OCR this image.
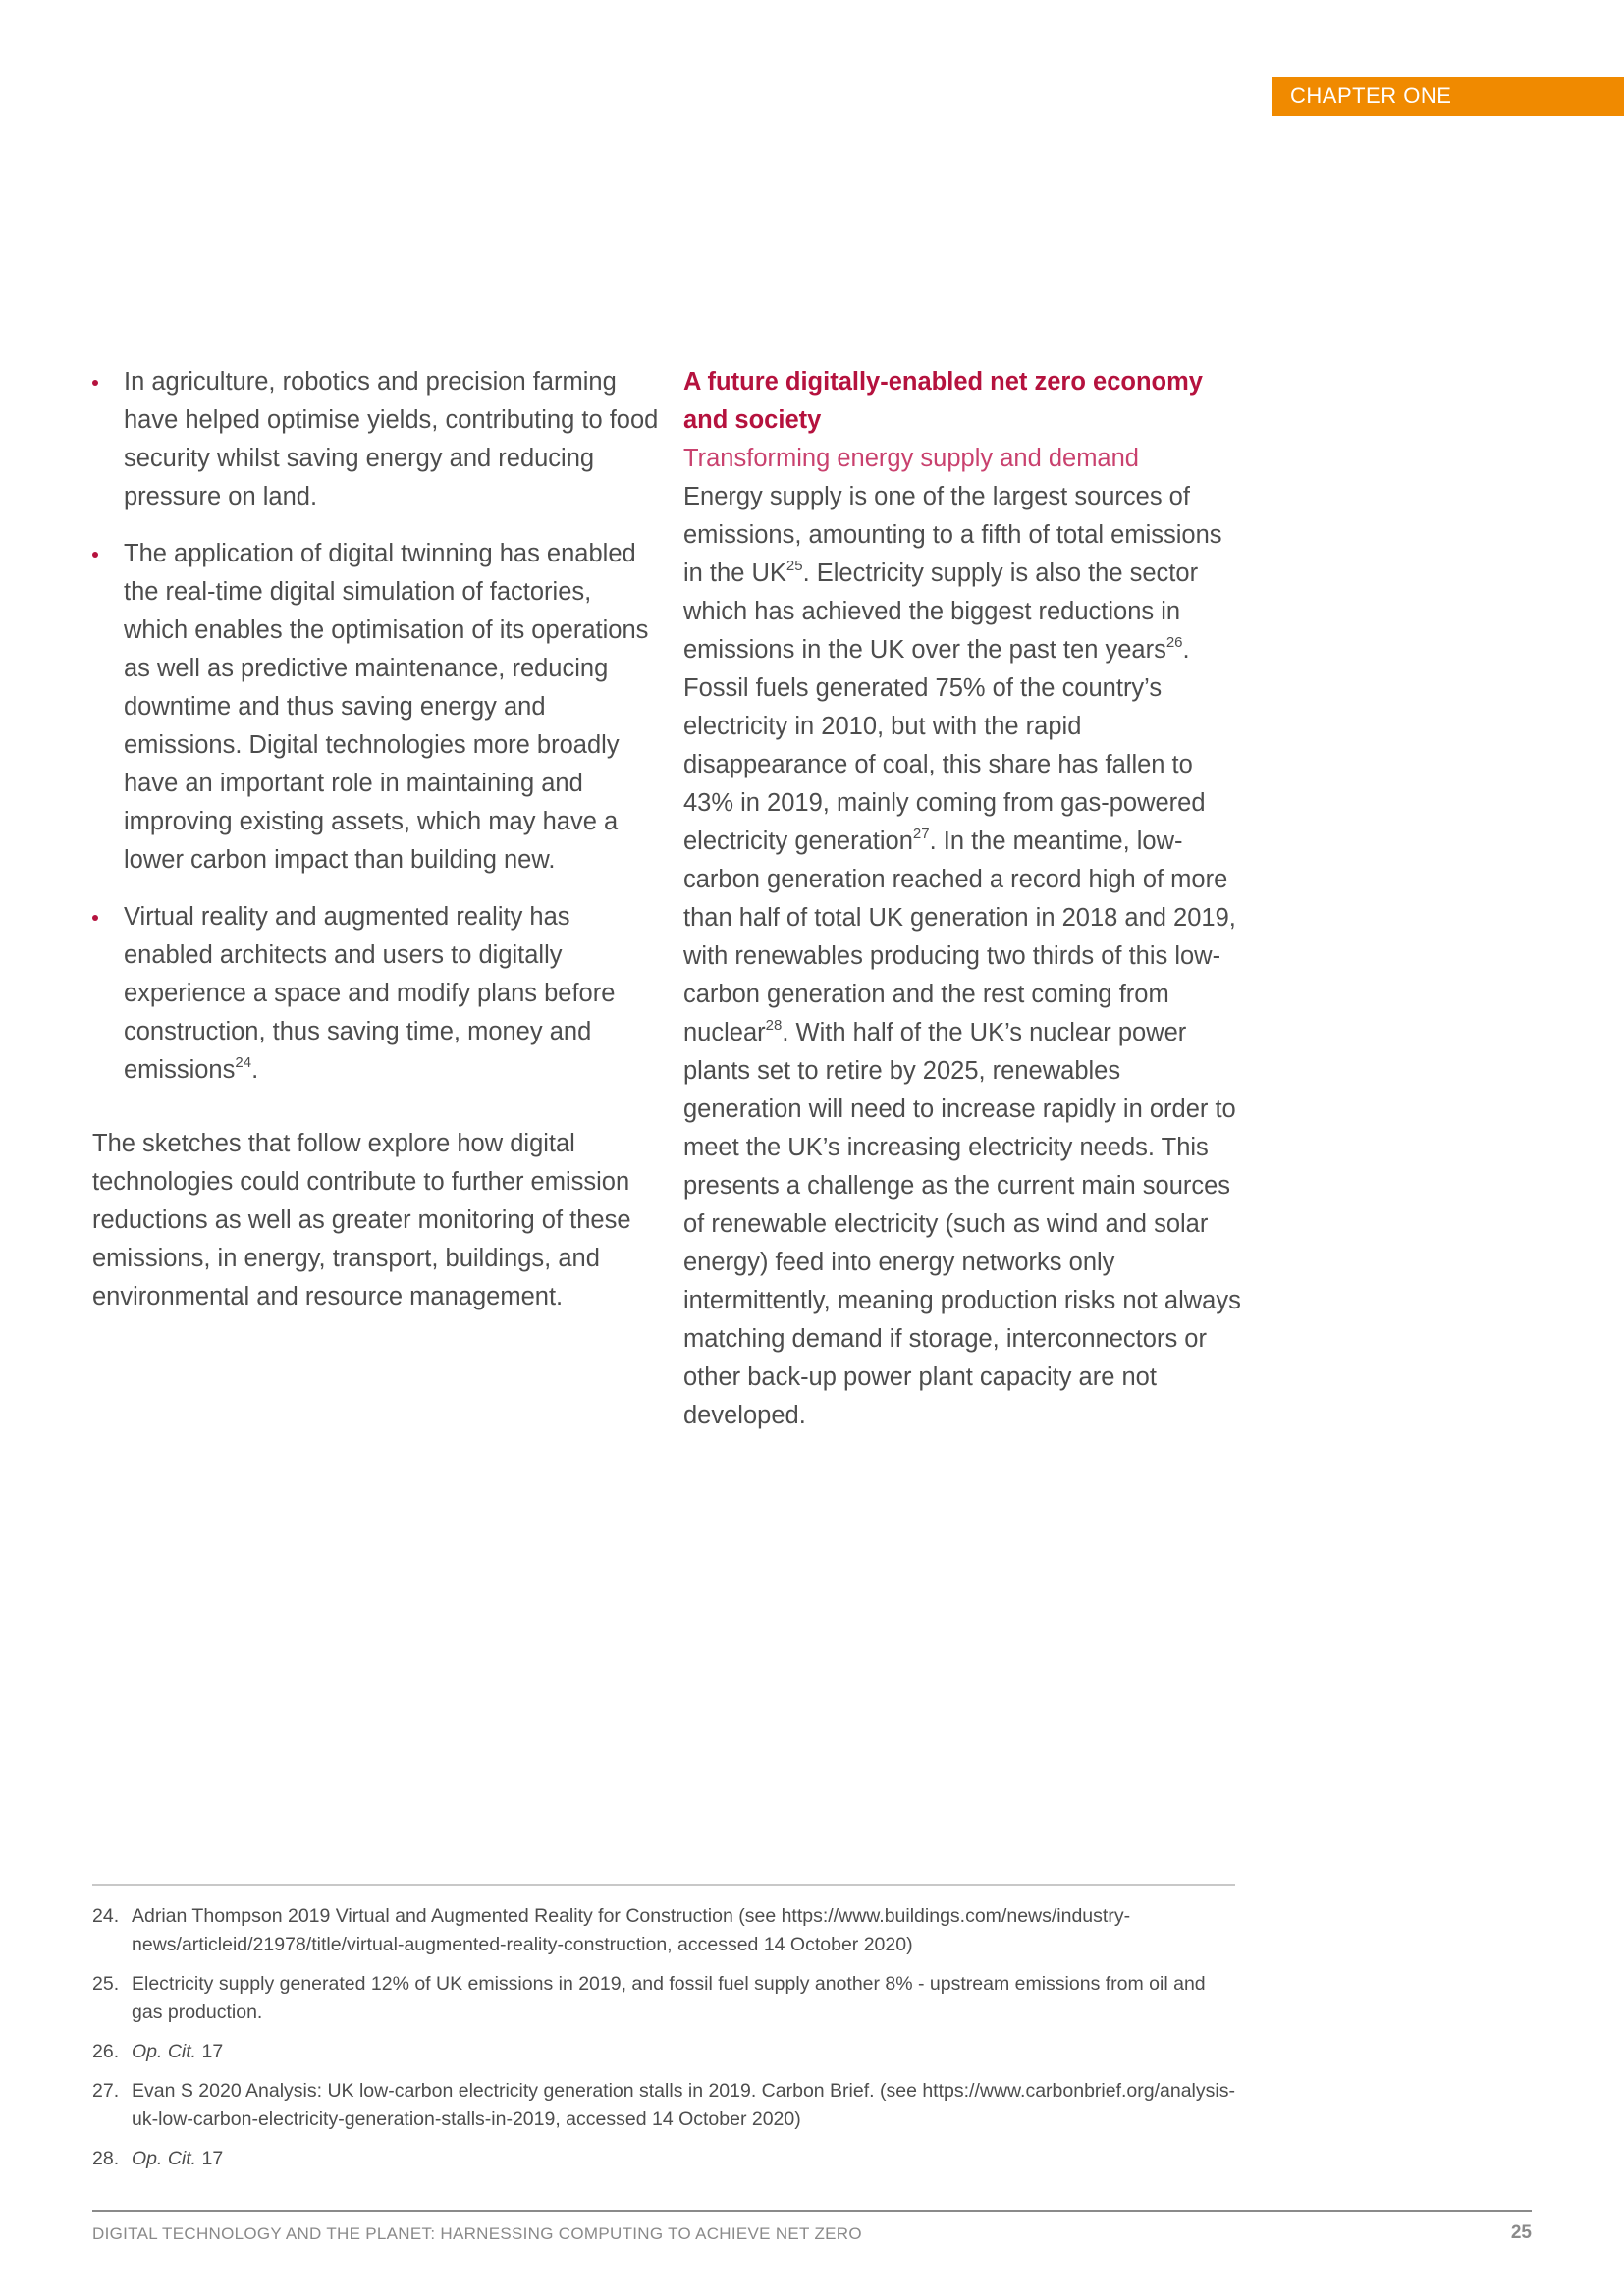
CHAPTER ONE
In agriculture, robotics and precision farming have helped optimise yields, contributing to food security whilst saving energy and reducing pressure on land.
The application of digital twinning has enabled the real-time digital simulation of factories, which enables the optimisation of its operations as well as predictive maintenance, reducing downtime and thus saving energy and emissions. Digital technologies more broadly have an important role in maintaining and improving existing assets, which may have a lower carbon impact than building new.
Virtual reality and augmented reality has enabled architects and users to digitally experience a space and modify plans before construction, thus saving time, money and emissions$^{24}$.

The sketches that follow explore how digital technologies could contribute to further emission reductions as well as greater monitoring of these emissions, in energy, transport, buildings, and environmental and resource management.

A future digitally-enabled net zero economy and society
Transforming energy supply and demand

Energy supply is one of the largest sources of emissions, amounting to a fifth of total emissions in the UK$^{25}$. Electricity supply is also the sector which has achieved the biggest reductions in emissions in the UK over the past ten years$^{26}$. Fossil fuels generated 75% of the country’s electricity in 2010, but with the rapid disappearance of coal, this share has fallen to 43% in 2019, mainly coming from gas-powered electricity generation$^{27}$. In the meantime, low-carbon generation reached a record high of more than half of total UK generation in 2018 and 2019, with renewables producing two thirds of this low-carbon generation and the rest coming from nuclear$^{28}$. With half of the UK’s nuclear power plants set to retire by 2025, renewables generation will need to increase rapidly in order to meet the UK’s increasing electricity needs. This presents a challenge as the current main sources of renewable electricity (such as wind and solar energy) feed into energy networks only intermittently, meaning production risks not always matching demand if storage, interconnectors or other back-up power plant capacity are not developed.

24. Adrian Thompson 2019 Virtual and Augmented Reality for Construction (see https://www.buildings.com/news/industry-news/articleid/21978/title/virtual-augmented-reality-construction, accessed 14 October 2020)
25. Electricity supply generated 12% of UK emissions in 2019, and fossil fuel supply another 8% - upstream emissions from oil and gas production.
26. Op. Cit. 17
27. Evan S 2020 Analysis: UK low-carbon electricity generation stalls in 2019. Carbon Brief. (see https://www.carbonbrief.org/analysis-uk-low-carbon-electricity-generation-stalls-in-2019, accessed 14 October 2020)
28. Op. Cit. 17
DIGITAL TECHNOLOGY AND THE PLANET: HARNESSING COMPUTING TO ACHIEVE NET ZERO	25
